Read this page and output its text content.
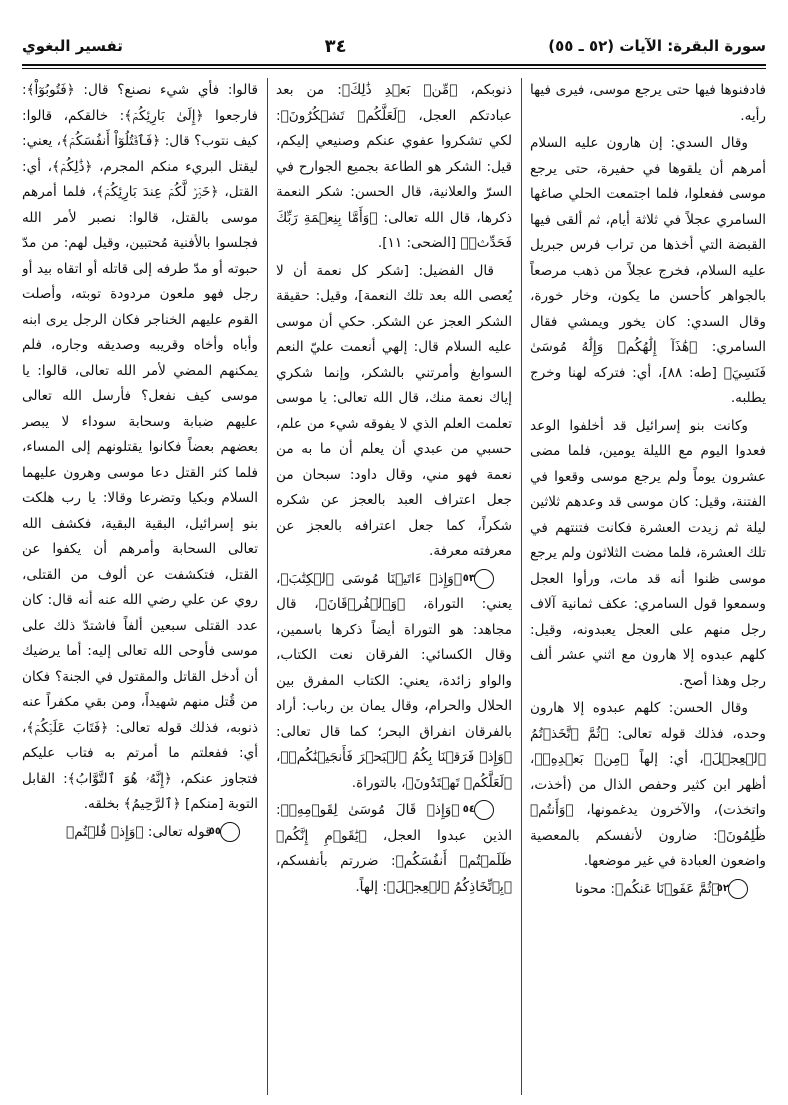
سورة البقرة: الآيات (٥٢ ـ ٥٥)
٣٤
تفسير البغوي

فادفنوها فيها حتى يرجع موسى، فيرى فيها رأيه.

وقال السدي: إن هارون عليه السلام أمرهم أن يلقوها في حفيرة، حتى يرجع موسى ففعلوا، فلما اجتمعت الحلي صاغها السامري عجلاً في ثلاثة أيام، ثم ألقى فيها القبضة التي أخذها من تراب فرس جبريل عليه السلام، فخرج عجلاً من ذهب مرصعاً بالجواهر كأحسن ما يكون، وخار خورة، وقال السدي: كان يخور ويمشي فقال السامري: ﴿هَٰذَآ إِلَٰهُكُمۡ وَإِلَٰهُ مُوسَىٰ فَنَسِيَ﴾ [طه: ٨٨]، أي: فتركه لهنا وخرج يطلبه.

وكانت بنو إسرائيل قد أخلفوا الوعد فعدوا اليوم مع الليلة يومين، فلما مضى عشرون يوماً ولم يرجع موسى وقعوا في الفتنة، وقيل: كان موسى قد وعدهم ثلاثين ليلة ثم زيدت العشرة فكانت فتنتهم في تلك العشرة، فلما مضت الثلاثون ولم يرجع موسى ظنوا أنه قد مات، ورأوا العجل وسمعوا قول السامري: عكف ثمانية آلاف رجل منهم على العجل يعبدونه، وقيل: كلهم عبدوه إلا هارون مع اثني عشر ألف رجل وهذا أصح.

وقال الحسن: كلهم عبدوه إلا هارون وحده، فذلك قوله تعالى: ﴿ثُمَّ ٱتَّخَذۡتُمُ ٱلۡعِجۡلَ﴾، أي: إلهاً ﴿مِنۢ بَعۡدِهِۦ﴾، أظهر ابن كثير وحفص الذال من (أخذت، واتخذت)، والآخرون يدغمونها، ﴿وَأَنتُمۡ ظَٰلِمُونَ﴾: ضارون لأنفسكم بالمعصية واضعون العبادة في غير موضعها.

٥٢ ﴿ثُمَّ عَفَوۡنَا عَنكُم﴾: محونا

ذنوبكم، ﴿مِّنۢ بَعۡدِ ذَٰلِكَ﴾: من بعد عبادتكم العجل، ﴿لَعَلَّكُمۡ تَشۡكُرُونَ﴾: لكي تشكروا عفوي عنكم وصنيعي إليكم، قيل: الشكر هو الطاعة بجميع الجوارح في السرّ والعلانية، قال الحسن: شكر النعمة ذكرها، قال الله تعالى: ﴿وَأَمَّا بِنِعۡمَةِ رَبِّكَ فَحَدِّثۡ﴾ [الضحى: ١١].

قال الفضيل: [شكر كل نعمة أن لا يُعصى الله بعد تلك النعمة]، وقيل: حقيقة الشكر العجز عن الشكر. حكي أن موسى عليه السلام قال: إلهي أنعمت عليّ النعم السوابغ وأمرتني بالشكر، وإنما شكري إياك نعمة منك، قال الله تعالى: يا موسى تعلمت العلم الذي لا يفوقه شيء من علم، حسبي من عبدي أن يعلم أن ما به من نعمة فهو مني، وقال داود: سبحان من جعل اعتراف العبد بالعجز عن شكره شكراً، كما جعل اعترافه بالعجز عن معرفته معرفة.

٥٣ ﴿وَإِذۡ ءَاتَيۡنَا مُوسَى ٱلۡكِتَٰبَ﴾، يعني: التوراة، ﴿وَٱلۡفُرۡقَانَ﴾، قال مجاهد: هو التوراة أيضاً ذكرها باسمين، وقال الكسائي: الفرقان نعت الكتاب، والواو زائدة، يعني: الكتاب المفرق بين الحلال والحرام، وقال يمان بن رباب: أراد بالفرقان انفراق البحر؛ كما قال تعالى: ﴿وَإِذۡ فَرَقۡنَا بِكُمُ ٱلۡبَحۡرَ فَأَنجَيۡنَٰكُمۡ﴾، ﴿لَعَلَّكُمۡ تَهۡتَدُونَ﴾، بالتوراة.

٥٤ ﴿وَإِذۡ قَالَ مُوسَىٰ لِقَوۡمِهِۦ﴾: الذين عبدوا العجل، ﴿يَٰقَوۡمِ إِنَّكُمۡ ظَلَمۡتُمۡ أَنفُسَكُم﴾: ضررتم بأنفسكم، ﴿بِٱتِّخَاذِكُمُ ٱلۡعِجۡلَ﴾: إلهاً.

قالوا: فأي شيء نصنع؟ قال: ﴿فَتُوبُوٓاْ﴾: فارجعوا ﴿إِلَىٰ بَارِئِكُمۡ﴾: خالقكم، قالوا: كيف نتوب؟ قال: ﴿فَٱقۡتُلُوٓاْ أَنفُسَكُمۡ﴾، يعني: ليقتل البريء منكم المجرم، ﴿ذَٰلِكُمۡ﴾، أي: القتل، ﴿خَيۡرٞ لَّكُمۡ عِندَ بَارِئِكُمۡ﴾، فلما أمرهم موسى بالقتل، قالوا: نصبر لأمر الله فجلسوا بالأفنية مُحتبين، وقيل لهم: من مدّ حبوته أو مدّ طرفه إلى قاتله أو اتقاه بيد أو رجل فهو ملعون مردودة توبته، وأصلت القوم عليهم الخناجر فكان الرجل يرى ابنه وأباه وأخاه وقريبه وصديقه وجاره، فلم يمكنهم المضي لأمر الله تعالى، قالوا: يا موسى كيف نفعل؟ فأرسل الله تعالى عليهم ضبابة وسحابة سوداء لا يبصر بعضهم بعضاً فكانوا يقتلونهم إلى المساء، فلما كثر القتل دعا موسى وهرون عليهما السلام وبكيا وتضرعا وقالا: يا رب هلكت بنو إسرائيل، البقية البقية، فكشف الله تعالى السحابة وأمرهم أن يكفوا عن القتل، فتكشفت عن ألوف من القتلى، روي عن علي رضي الله عنه أنه قال: كان عدد القتلى سبعين ألفاً فاشتدّ ذلك على موسى فأوحى الله تعالى إليه: أما يرضيك أن أدخل القاتل والمقتول في الجنة؟ فكان من قُتل منهم شهيداً، ومن بقي مكفراً عنه ذنوبه، فذلك قوله تعالى: ﴿فَتَابَ عَلَيۡكُمۡ﴾، أي: ففعلتم ما أمرتم به فتاب عليكم فتجاوز عنكم، ﴿إِنَّهُۥ هُوَ ٱلتَّوَّابُ﴾: القابل التوبة [منكم] ﴿ٱلرَّحِيمُ﴾ بخلقه.

٥٥ قوله تعالى: ﴿وَإِذۡ قُلۡتُمۡ
